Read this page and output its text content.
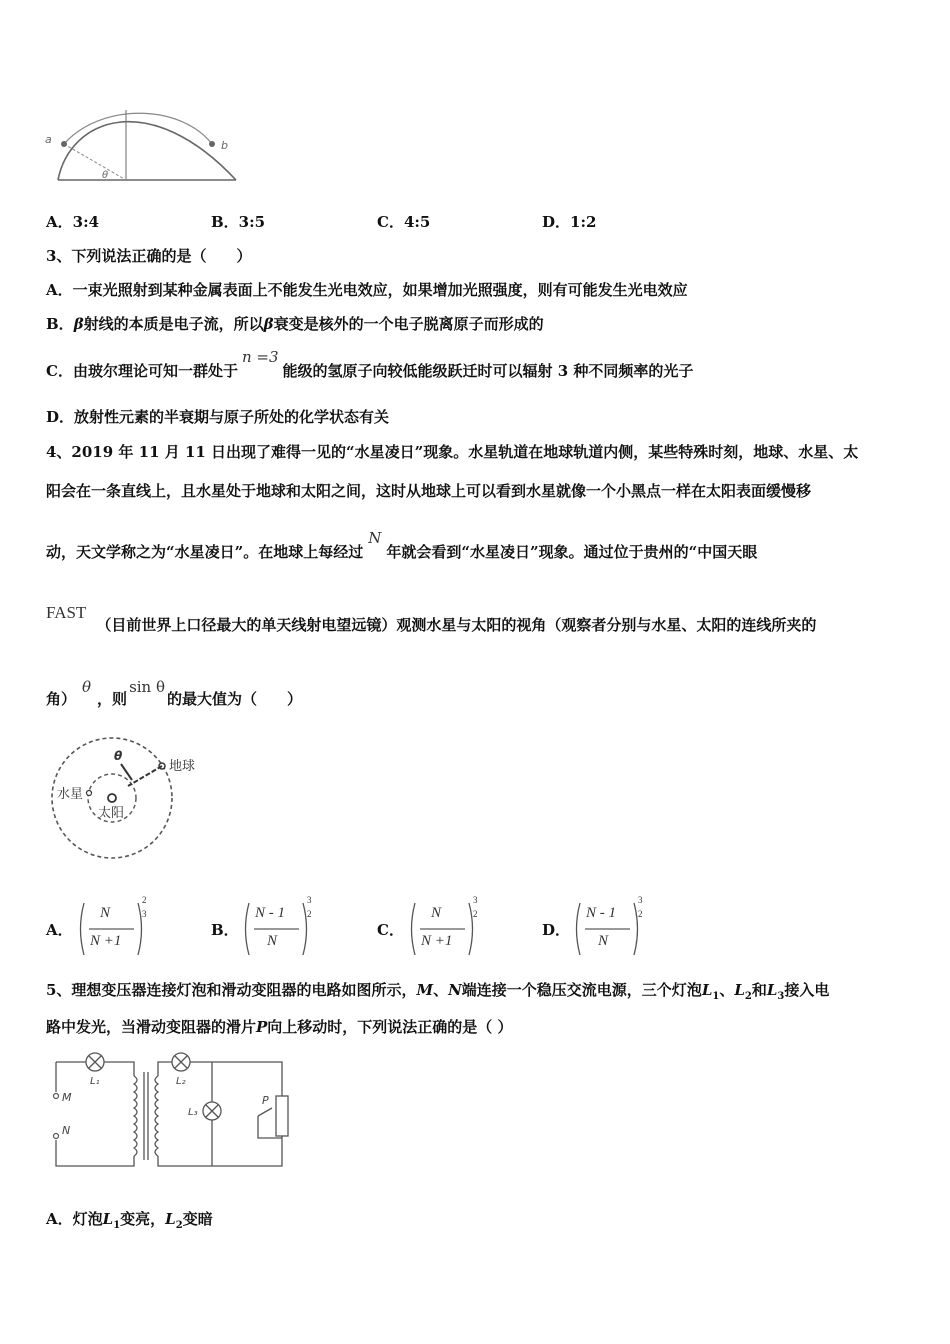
a	b
θ
A．3:4	B．3:5	C．4:5	D．1:2
3、下列说法正确的是（　　）
A．一束光照射到某种金属表面上不能发生光电效应，如果增加光照强度，则有可能发生光电效应
B．β射线的本质是电子流，所以β衰变是核外的一个电子脱离原子而形成的
C．由玻尔理论可知一群处于n =3能级的氢原子向较低能级跃迁时可以辐射 3 种不同频率的光子
D．放射性元素的半衰期与原子所处的化学状态有关
4、2019 年 11 月 11 日出现了难得一见的“水星凌日”现象。水星轨道在地球轨道内侧，某些特殊时刻，地球、水星、太
阳会在一条直线上，且水星处于地球和太阳之间，这时从地球上可以看到水星就像一个小黑点一样在太阳表面缓慢移
动，天文学称之为“水星凌日”。在地球上每经过N年就会看到“水星凌日”现象。通过位于贵州的“中国天眼
FAST（目前世界上口径最大的单天线射电望远镜）观测水星与太阳的视角（观察者分别与水星、太阳的连线所夹的
角）θ，则sin θ的最大值为（　　）
θ
地球
水星
太阳
A．
N
N +1
2
3
B．
N - 1
N
3
2
C．
N
N +1
3
2
D．
N - 1
N
3
2
5、理想变压器连接灯泡和滑动变阻器的电路如图所示，M、N端连接一个稳压交流电源，三个灯泡$L_1$、$L_2$和$L_3$接入电
路中发光，当滑动变阻器的滑片P向上移动时，下列说法正确的是（ ）
M
N
L₁	L₂
L₃
P
A．灯泡$L_1$变亮，$L_2$变暗
